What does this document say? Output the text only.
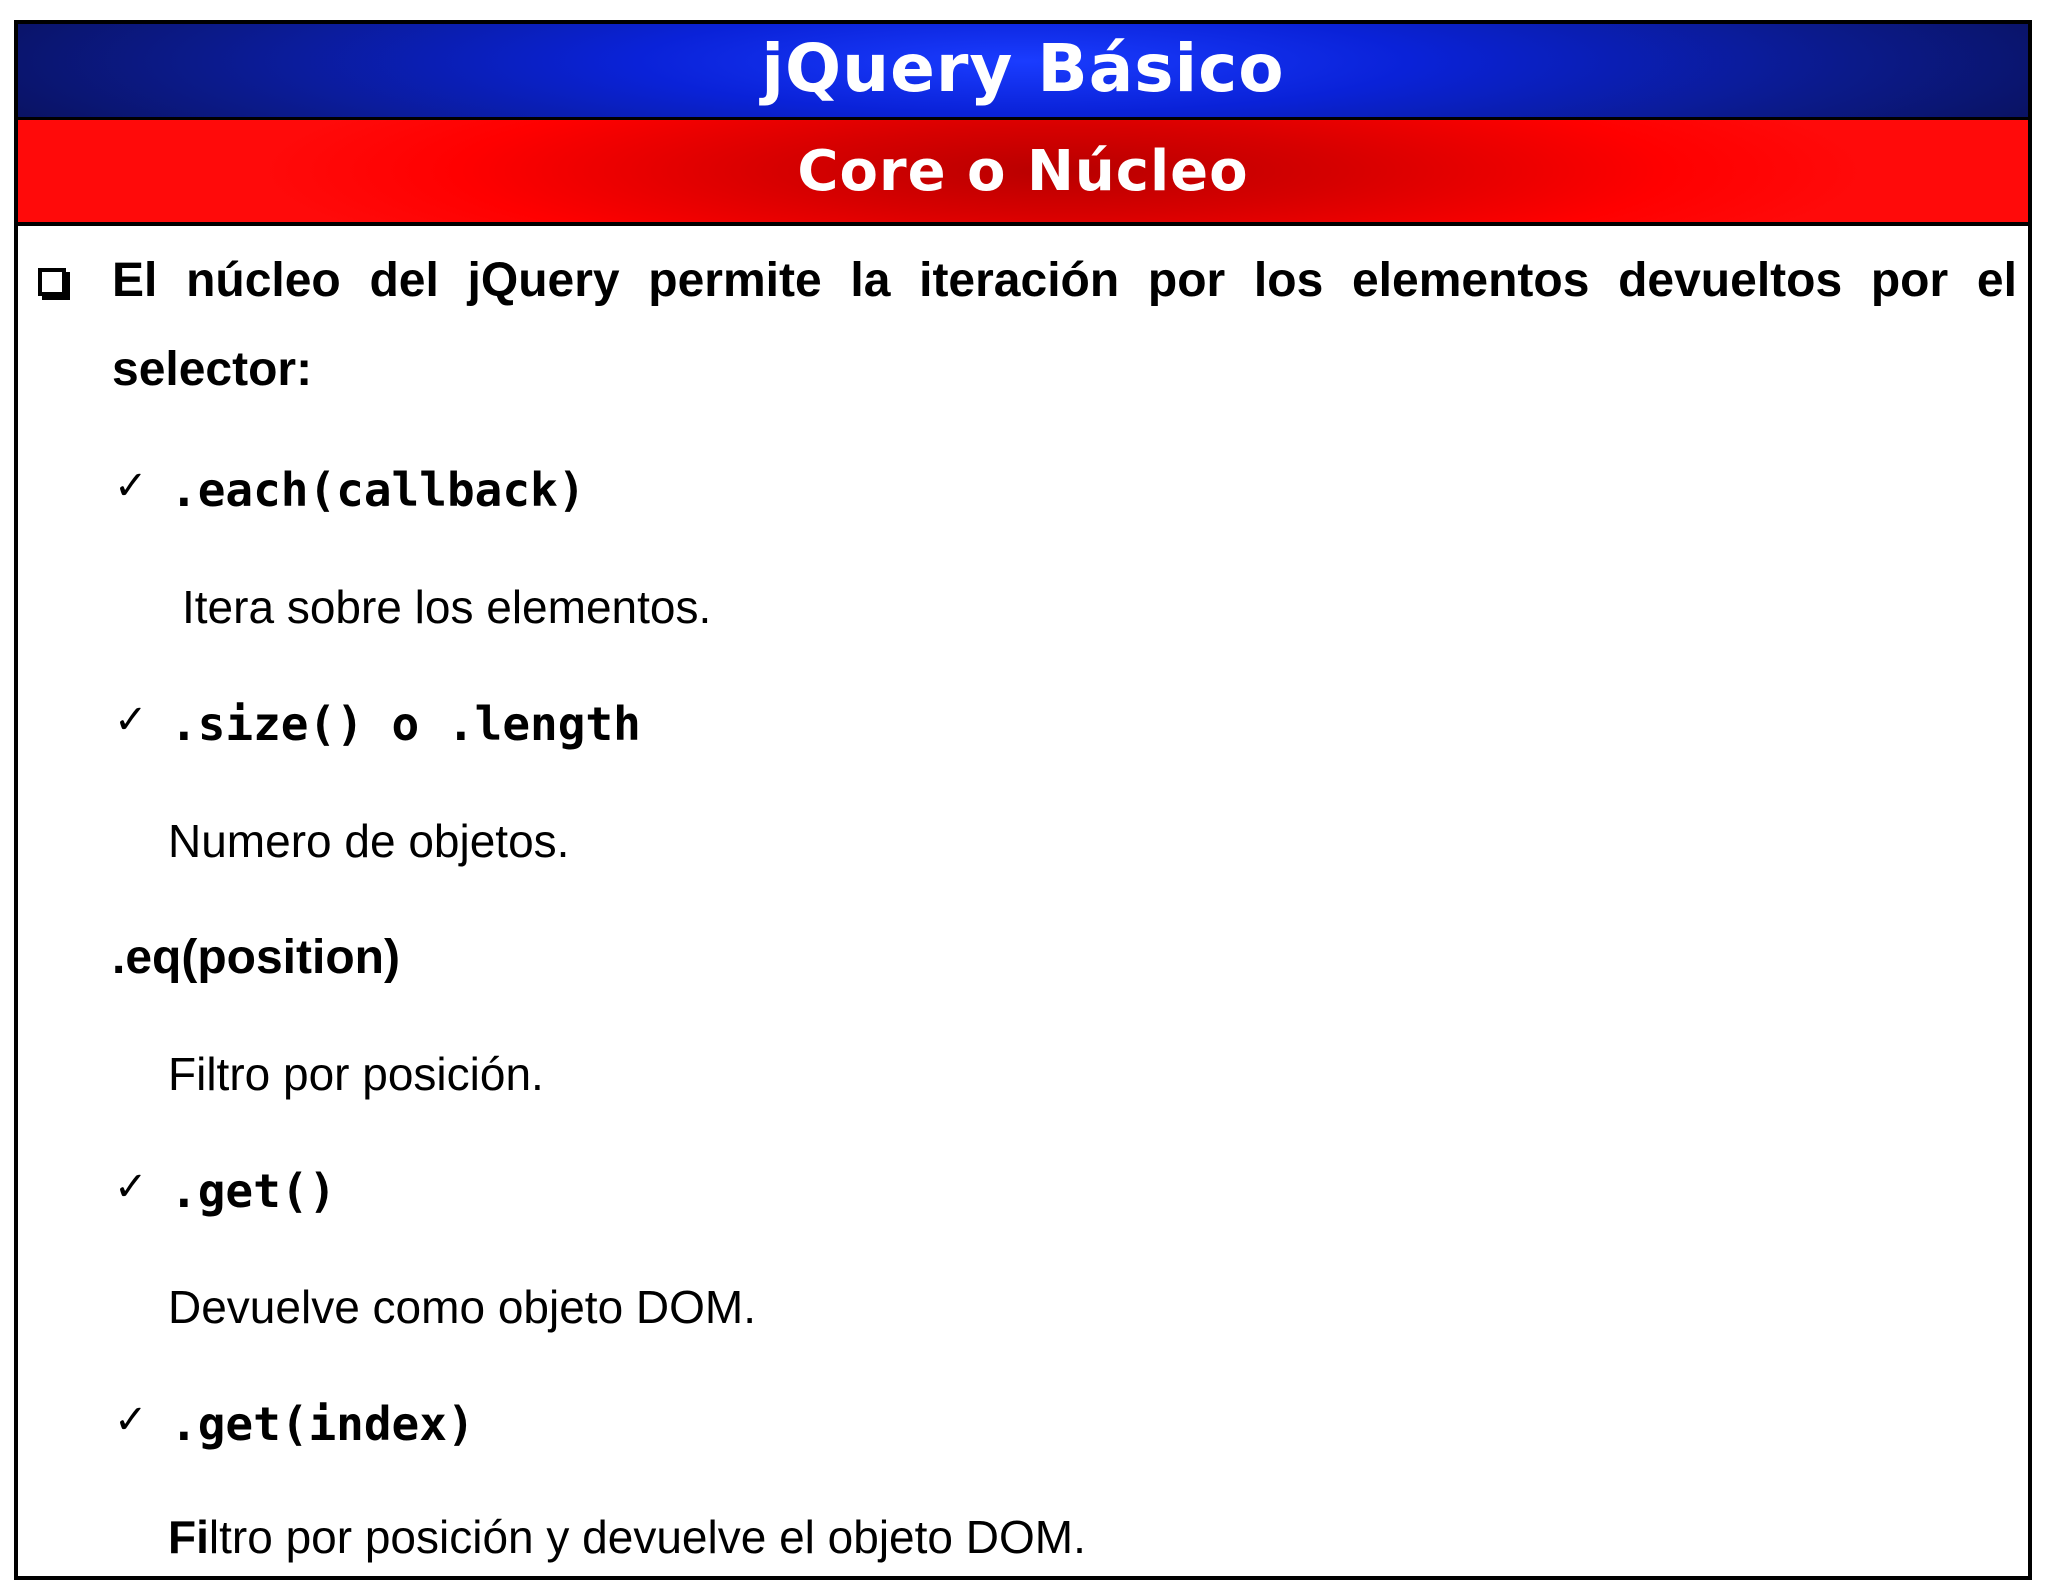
jQuery Básico
Core o Núcleo
El núcleo del jQuery permite la iteración por los elementos devueltos por el
selector:
✓ .each(callback)
Itera sobre los elementos.
✓ .size() o .length
Numero de objetos.
.eq(position)
Filtro por posición.
✓ .get()
Devuelve como objeto DOM.
✓ .get(index)
Filtro por posición y devuelve el objeto DOM.
